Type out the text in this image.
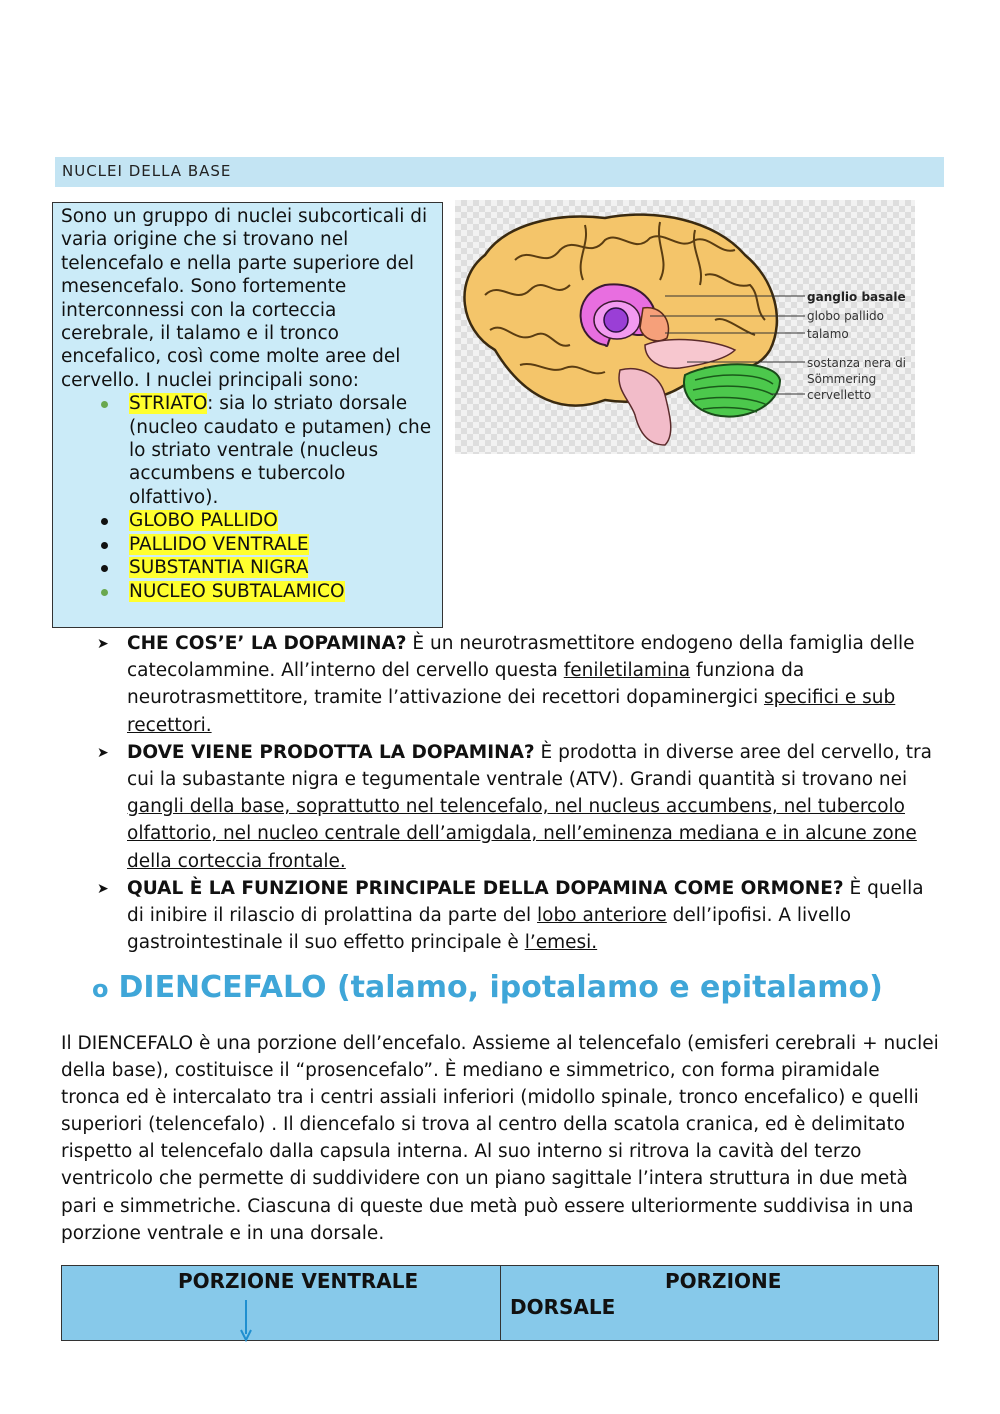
NUCLEI DELLA BASE

Sono un gruppo di nuclei subcorticali di varia origine che si trovano nel telencefalo e nella parte superiore del mesencefalo. Sono fortemente interconnessi con la corteccia cerebrale, il talamo e il tronco encefalico, così come molte aree del cervello. I nuclei principali sono:

STRIATO: sia lo striato dorsale (nucleo caudato e putamen) che lo striato ventrale (nucleus accumbens e tubercolo olfattivo).
GLOBO PALLIDO
PALLIDO VENTRALE
SUBSTANTIA NIGRA
NUCLEO SUBTALAMICO
ganglio basale
globo pallido
talamo
sostanza nera di
Sömmering
cervelletto
➤ CHE COS’E’ LA DOPAMINA? È un neurotrasmettitore endogeno della famiglia delle catecolammine. All’interno del cervello questa feniletilamina funziona da neurotrasmettitore, tramite l’attivazione dei recettori dopaminergici specifici e sub recettori.
➤ DOVE VIENE PRODOTTA LA DOPAMINA? È prodotta in diverse aree del cervello, tra cui la subastante nigra e tegumentale ventrale (ATV). Grandi quantità si trovano nei gangli della base, soprattutto nel telencefalo, nel nucleus accumbens, nel tubercolo olfattorio, nel nucleo centrale dell’amigdala, nell’eminenza mediana e in alcune zone della corteccia frontale.
➤ QUAL È LA FUNZIONE PRINCIPALE DELLA DOPAMINA COME ORMONE? È quella di inibire il rilascio di prolattina da parte del lobo anteriore dell’ipofisi. A livello gastrointestinale il suo effetto principale è l’emesi.
o DIENCEFALO (talamo, ipotalamo e epitalamo)

Il DIENCEFALO è una porzione dell’encefalo. Assieme al telencefalo (emisferi cerebrali + nuclei della base), costituisce il “prosencefalo”. È mediano e simmetrico, con forma piramidale tronca ed è intercalato tra i centri assiali inferiori (midollo spinale, tronco encefalico) e quelli superiori (telencefalo) . Il diencefalo si trova al centro della scatola cranica, ed è delimitato rispetto al telencefalo dalla capsula interna. Al suo interno si ritrova la cavità del terzo ventricolo che permette di suddividere con un piano sagittale l’intera struttura in due metà pari e simmetriche. Ciascuna di queste due metà può essere ulteriormente suddivisa in una porzione ventrale e in una dorsale.

PORZIONE VENTRALE	PORZIONE
DORSALE
